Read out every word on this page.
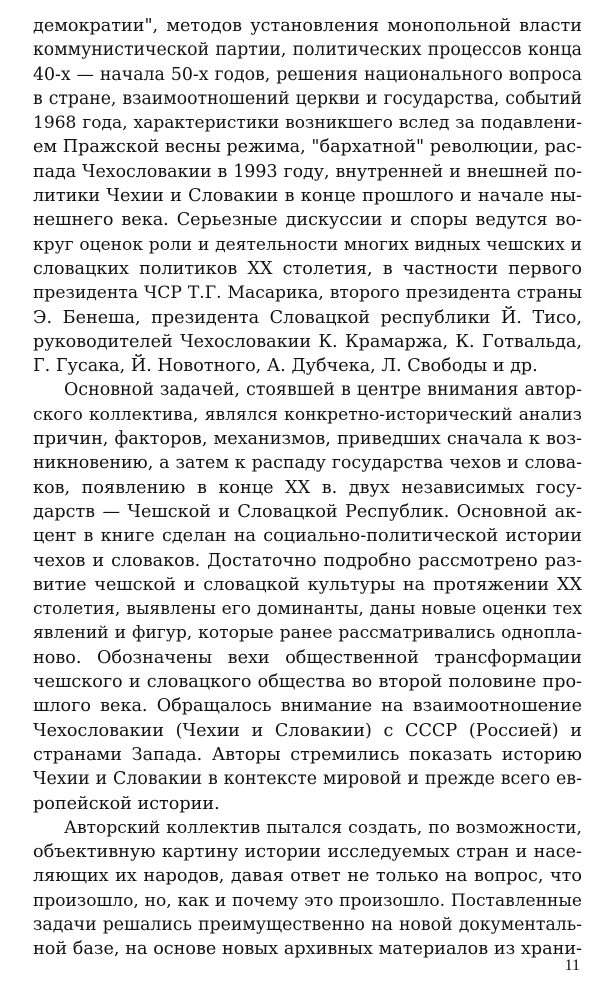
демократии", методов установления монопольной власти
коммунистической партии, политических процессов конца
40-х — начала 50-х годов, решения национального вопроса
в стране, взаимоотношений церкви и государства, событий
1968 года, характеристики возникшего вслед за подавлени-
ем Пражской весны режима, "бархатной" революции, рас-
пада Чехословакии в 1993 году, внутренней и внешней по-
литики Чехии и Словакии в конце прошлого и начале ны-
нешнего века. Серьезные дискуссии и споры ведутся во-
круг оценок роли и деятельности многих видных чешских и
словацких политиков XX столетия, в частности первого
президента ЧСР Т.Г. Масарика, второго президента страны
Э. Бенеша, президента Словацкой республики Й. Тисо,
руководителей Чехословакии К. Крамаржа, К. Готвальда,
Г. Гусака, Й. Новотного, А. Дубчека, Л. Свободы и др.
Основной задачей, стоявшей в центре внимания автор-
ского коллектива, являлся конкретно-исторический анализ
причин, факторов, механизмов, приведших сначала к воз-
никновению, а затем к распаду государства чехов и слова-
ков, появлению в конце XX в. двух независимых госу-
дарств — Чешской и Словацкой Республик. Основной ак-
цент в книге сделан на социально-политической истории
чехов и словаков. Достаточно подробно рассмотрено раз-
витие чешской и словацкой культуры на протяжении XX
столетия, выявлены его доминанты, даны новые оценки тех
явлений и фигур, которые ранее рассматривались одноплa-
ново. Обозначены вехи общественной трансформации
чешского и словацкого общества во второй половине про-
шлого века. Обращалось внимание на взаимоотношение
Чехословакии (Чехии и Словакии) с СССР (Россией) и
странами Запада. Авторы стремились показать историю
Чехии и Словакии в контексте мировой и прежде всего ев-
ропейской истории.
Авторский коллектив пытался создать, по возможности,
объективную картину истории исследуемых стран и насе-
ляющих их народов, давая ответ не только на вопрос, что
произошло, но, как и почему это произошло. Поставленные
задачи решались преимущественно на новой документаль-
ной базе, на основе новых архивных материалов из храни-
11
